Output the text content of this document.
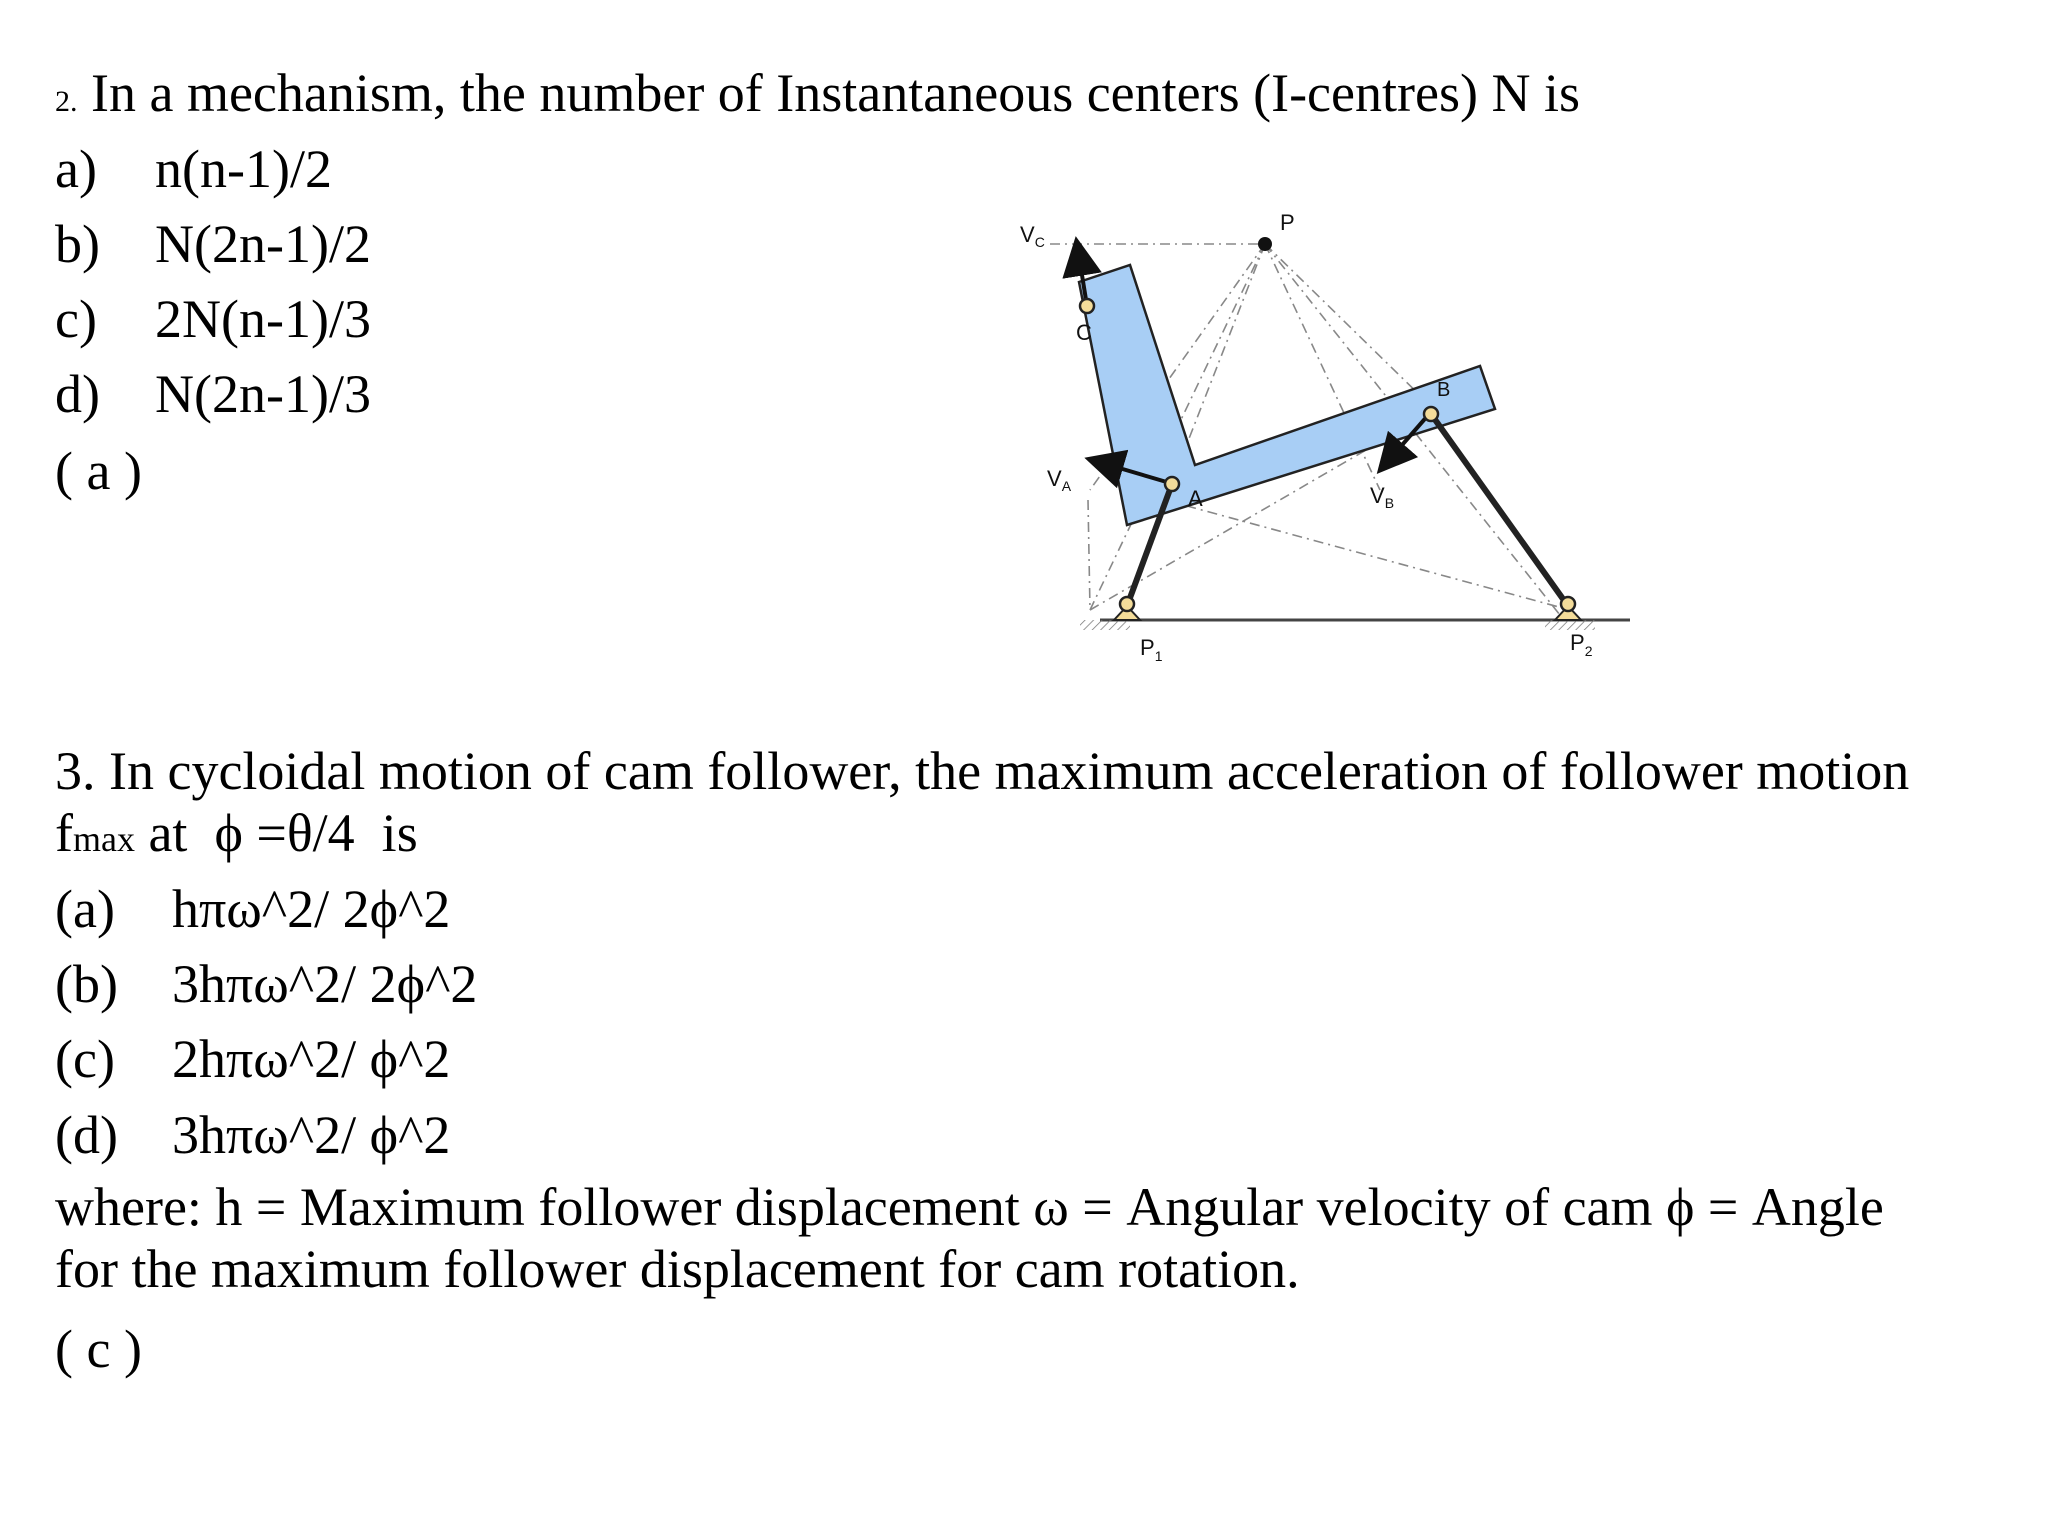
2. In a mechanism, the number of Instantaneous centers (I-centres) N is
a) n(n-1)/2
b) N(2n-1)/2
c) 2N(n-1)/3
d) N(2n-1)/3
( a )
$V_C$
P
C
B
$V_A$	A	$V_B$
$P_1$
$P_2$
3. In cycloidal motion of cam follower, the maximum acceleration of follower motion
fmax at  ϕ =θ/4  is
(a) hπω^2/ 2ϕ^2
(b) 3hπω^2/ 2ϕ^2
(c) 2hπω^2/ ϕ^2
(d) 3hπω^2/ ϕ^2
where: h = Maximum follower displacement ω = Angular velocity of cam ϕ = Angle
for the maximum follower displacement for cam rotation.
( c )
